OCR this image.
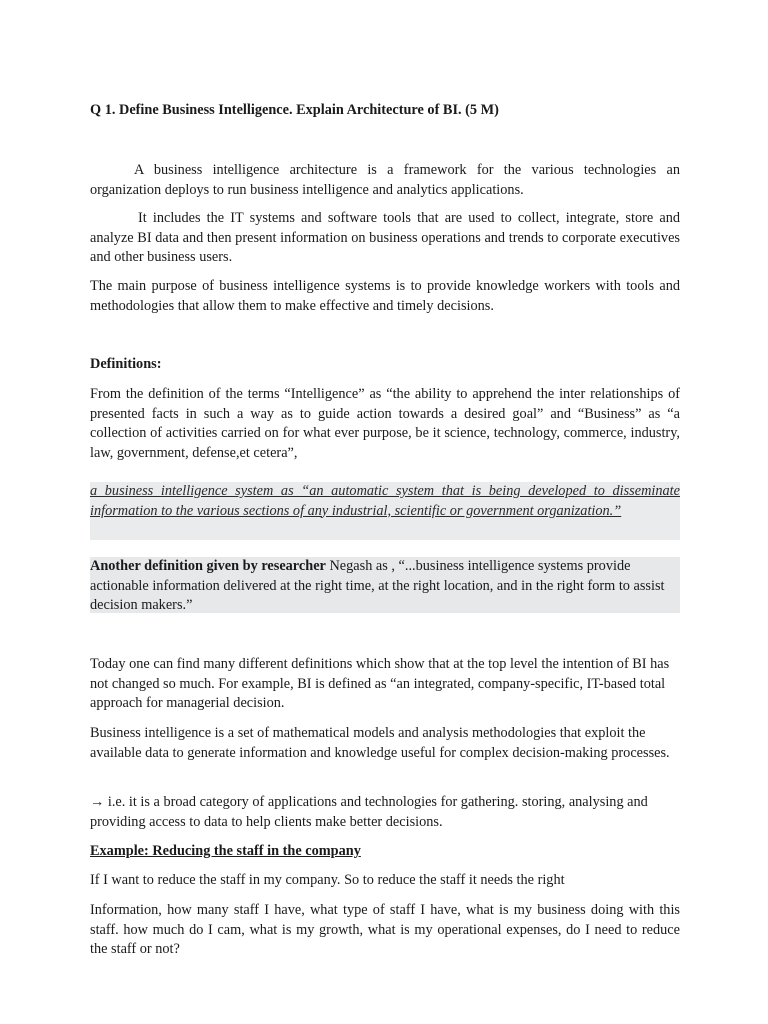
Q 1. Define Business Intelligence. Explain Architecture of BI. (5 M)
A business intelligence architecture is a framework for the various technologies an organization deploys to run business intelligence and analytics applications.
It includes the IT systems and software tools that are used to collect, integrate, store and analyze BI data and then present information on business operations and trends to corporate executives and other business users.
The main purpose of business intelligence systems is to provide knowledge workers with tools and methodologies that allow them to make effective and timely decisions.
Definitions:
From the definition of the terms “Intelligence” as “the ability to apprehend the inter relationships of presented facts in such a way as to guide action towards a desired goal” and “Business” as “a collection of activities carried on for what ever purpose, be it science, technology, commerce, industry, law, government, defense,et cetera”,
a business intelligence system as “an automatic system that is being developed to disseminate information to the various sections of any industrial, scientific or government organization.”
Another definition given by researcher Negash as , “...business intelligence systems provide actionable information delivered at the right time, at the right location, and in the right form to assist decision makers.”
Today one can find many different definitions which show that at the top level the intention of BI has not changed so much. For example, BI is defined as “an integrated, company-specific, IT-based total approach for managerial decision.
Business intelligence is a set of mathematical models and analysis methodologies that exploit the available data to generate information and knowledge useful for complex decision-making processes.
→ i.e. it is a broad category of applications and technologies for gathering. storing, analysing and providing access to data to help clients make better decisions.
Example: Reducing the staff in the company
If I want to reduce the staff in my company. So to reduce the staff it needs the right
Information, how many staff I have, what type of staff I have, what is my business doing with this staff. how much do I cam, what is my growth, what is my operational expenses, do I need to reduce the staff or not?
